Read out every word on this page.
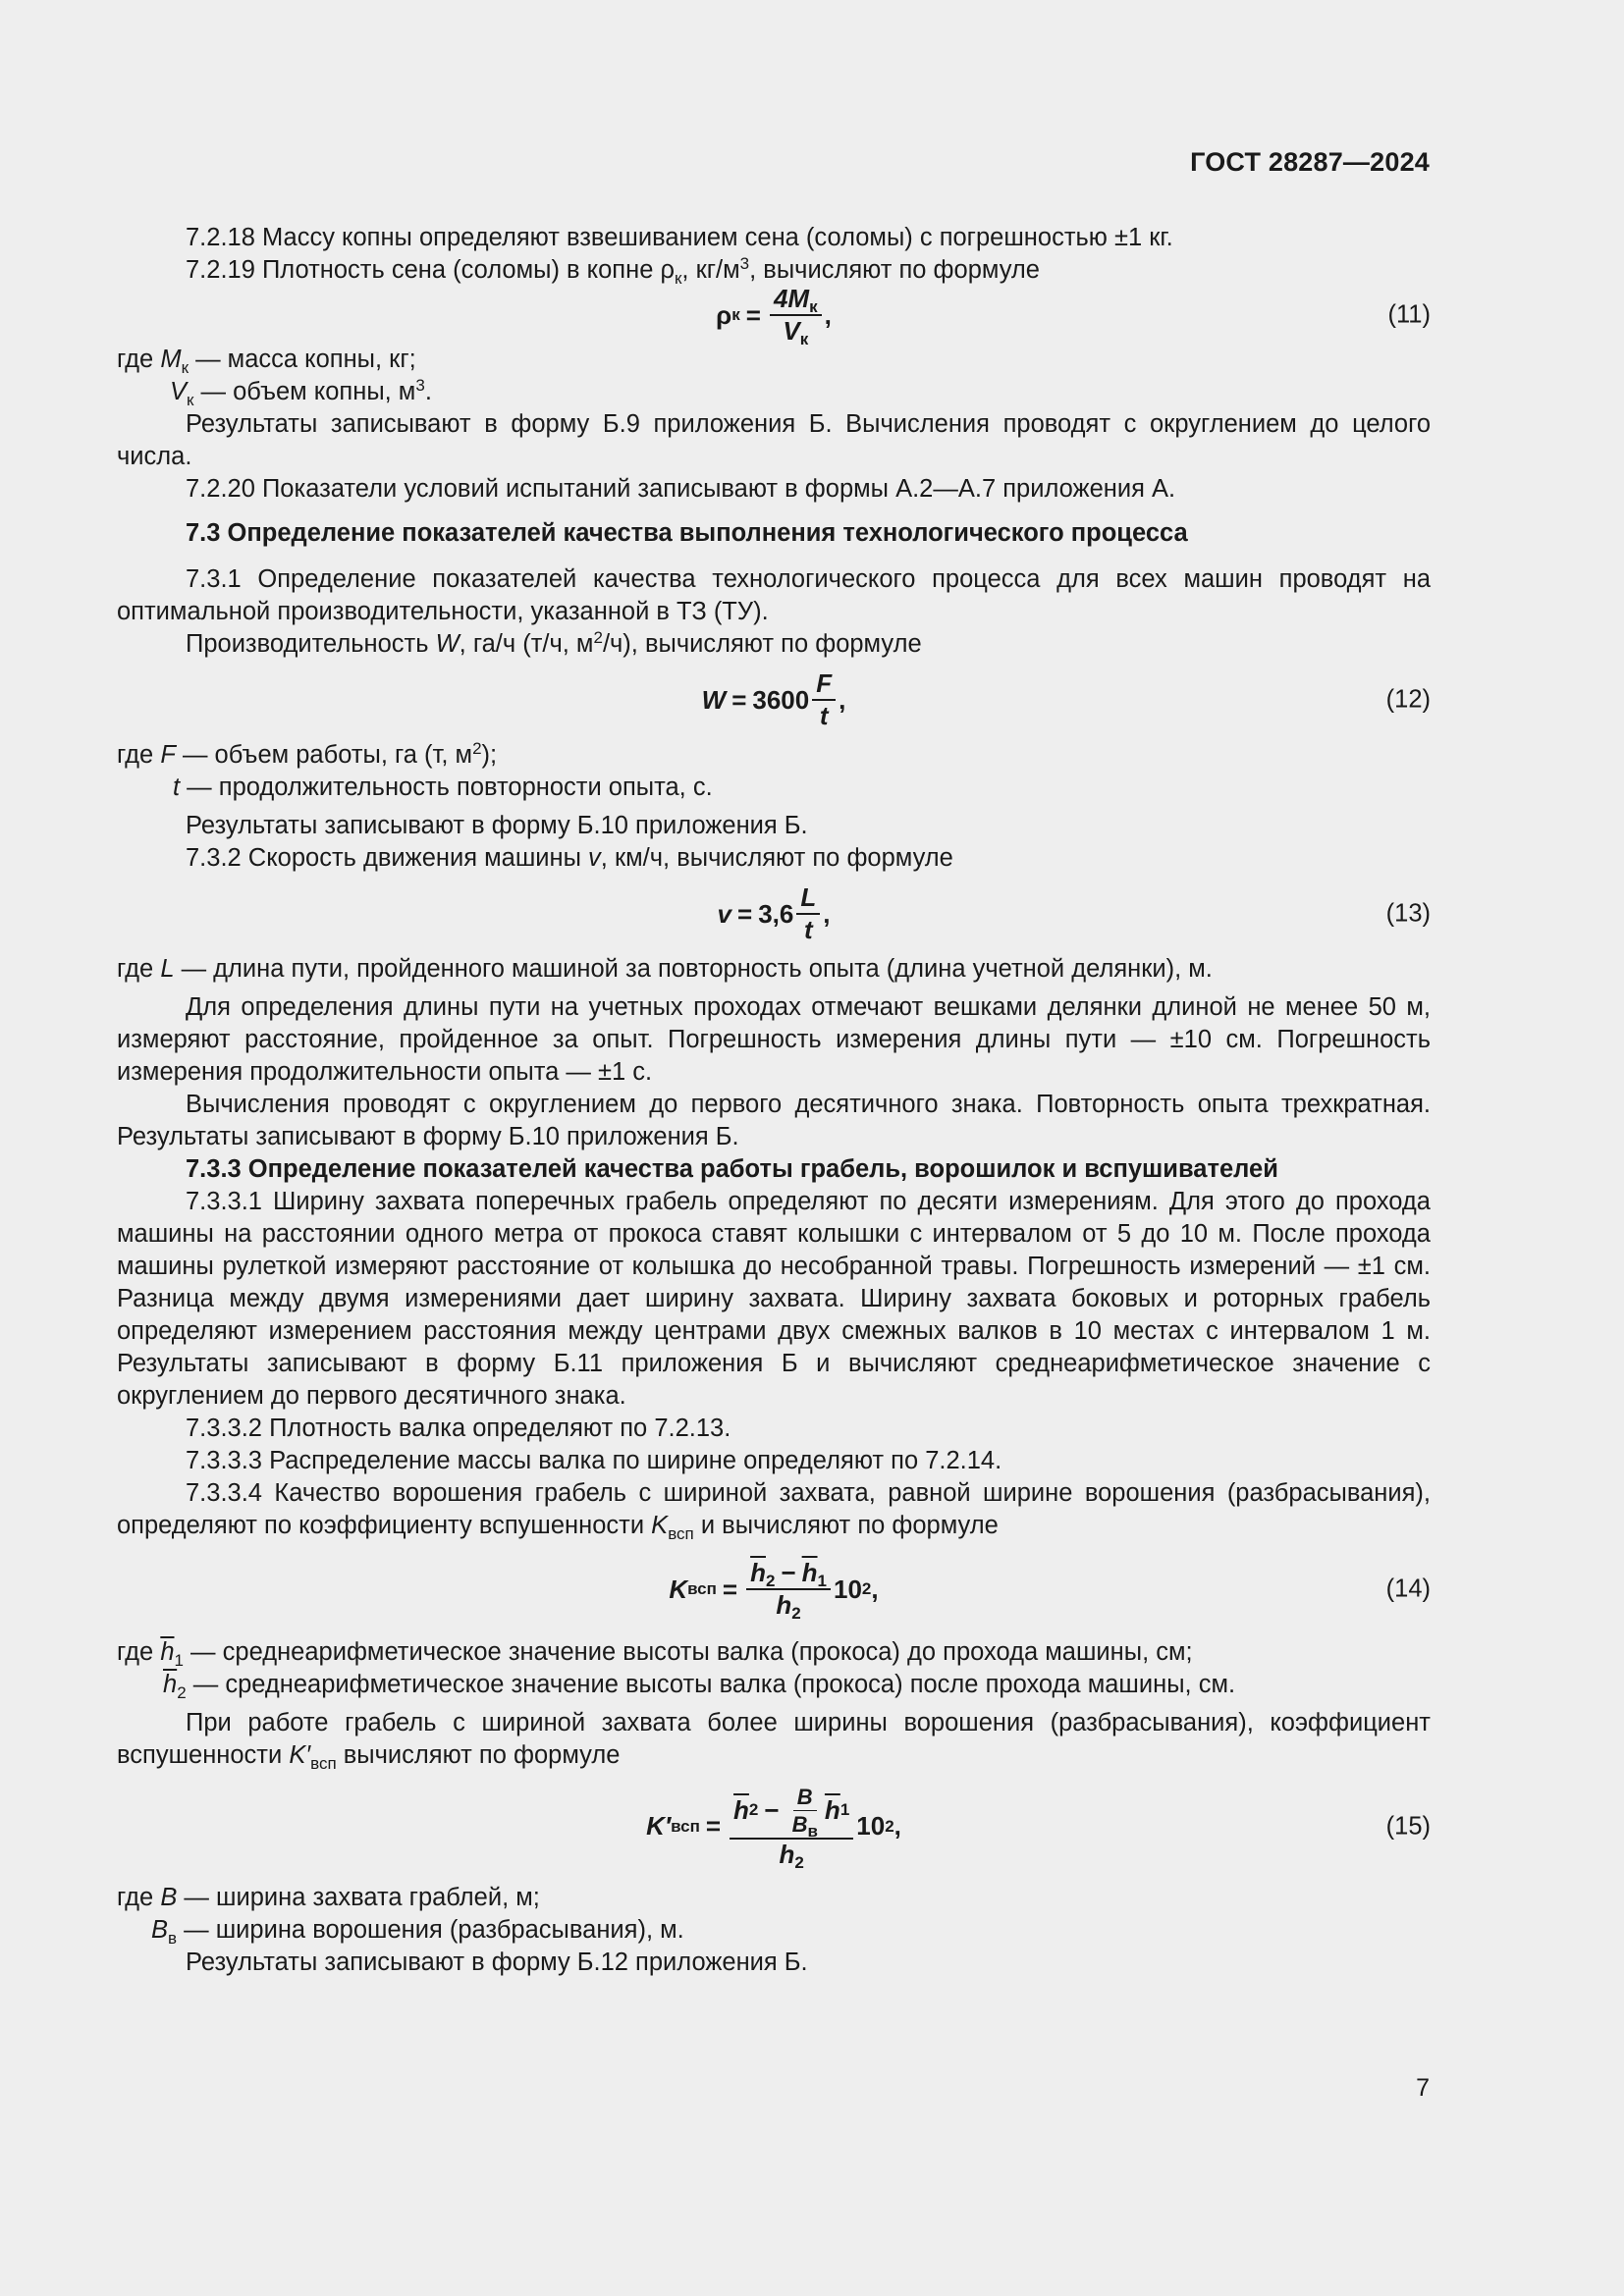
ГОСТ 28287—2024

7.2.18 Массу копны определяют взвешиванием сена (соломы) с погрешностью ±1 кг.

7.2.19 Плотность сена (соломы) в копне $\rho_к$, $кг/м^3$, вычисляют по формуле

ρ $к = \frac{4Mк}{Vк}$ ,	(11)

где $M_к$ — масса копны, кг;

$V_к$ — объем копны, $м^3$.

Результаты записывают в форму Б.9 приложения Б. Вычисления проводят с округлением до целого числа.

7.2.20 Показатели условий испытаний записывают в формы А.2—А.7 приложения А.

7.3 Определение показателей качества выполнения технологического процесса

7.3.1 Определение показателей качества технологического процесса для всех машин проводят на оптимальной производительности, указанной в ТЗ (ТУ).

Производительность W, га/ч (т/ч, $м^2/ч$), вычисляют по формуле

$W = 3600 \frac{F}{t}$ ,	(12)

где F — объем работы, га (т, $м^2$);

t — продолжительность повторности опыта, с.

Результаты записывают в форму Б.10 приложения Б.

7.3.2 Скорость движения машины v, км/ч, вычисляют по формуле

$v = 3,6 \frac{L}{t}$ ,	(13)

где L — длина пути, пройденного машиной за повторность опыта (длина учетной делянки), м.

Для определения длины пути на учетных проходах отмечают вешками делянки длиной не менее 50 м, измеряют расстояние, пройденное за опыт. Погрешность измерения длины пути — ±10 см. Погрешность измерения продолжительности опыта — ±1 с.

Вычисления проводят с округлением до первого десятичного знака. Повторность опыта трехкратная. Результаты записывают в форму Б.10 приложения Б.

7.3.3 Определение показателей качества работы грабель, ворошилок и вспушивателей

7.3.3.1 Ширину захвата поперечных грабель определяют по десяти измерениям. Для этого до прохода машины на расстоянии одного метра от прокоса ставят колышки с интервалом от 5 до 10 м. После прохода машины рулеткой измеряют расстояние от колышка до несобранной травы. Погрешность измерений — ±1 см. Разница между двумя измерениями дает ширину захвата. Ширину захвата боковых и роторных грабель определяют измерением расстояния между центрами двух смежных валков в 10 местах с интервалом 1 м. Результаты записывают в форму Б.11 приложения Б и вычисляют среднеарифметическое значение с округлением до первого десятичного знака.

7.3.3.2 Плотность валка определяют по 7.2.13.

7.3.3.3 Распределение массы валка по ширине определяют по 7.2.14.

7.3.3.4 Качество ворошения грабель с шириной захвата, равной ширине ворошения (разбрасывания), определяют по коэффициенту вспушенности $K_{всп}$ и вычисляют по формуле

K всп = $\frac{\overline{h}2 - \overline{h}1}{\overline{h}2} 10$ 2 ,	(14)

где $\overline{h}_1$ — среднеарифметическое значение высоты валка (прокоса) до прохода машины, см;

$\overline{h}_2$ — среднеарифметическое значение высоты валка (прокоса) после прохода машины, см.

При работе грабель с шириной захвата более ширины ворошения (разбрасывания), коэффициент вспушенности $K'_{всп}$ вычисляют по формуле

K′ всп =
$\overline{h}$ $2 - \frac{B}{B_в} \overline{h}$ 1
$\overline{h}2$
10 2 ,	(15)

где B — ширина захвата граблей, м;

$B_в$ — ширина ворошения (разбрасывания), м.

Результаты записывают в форму Б.12 приложения Б.

7
